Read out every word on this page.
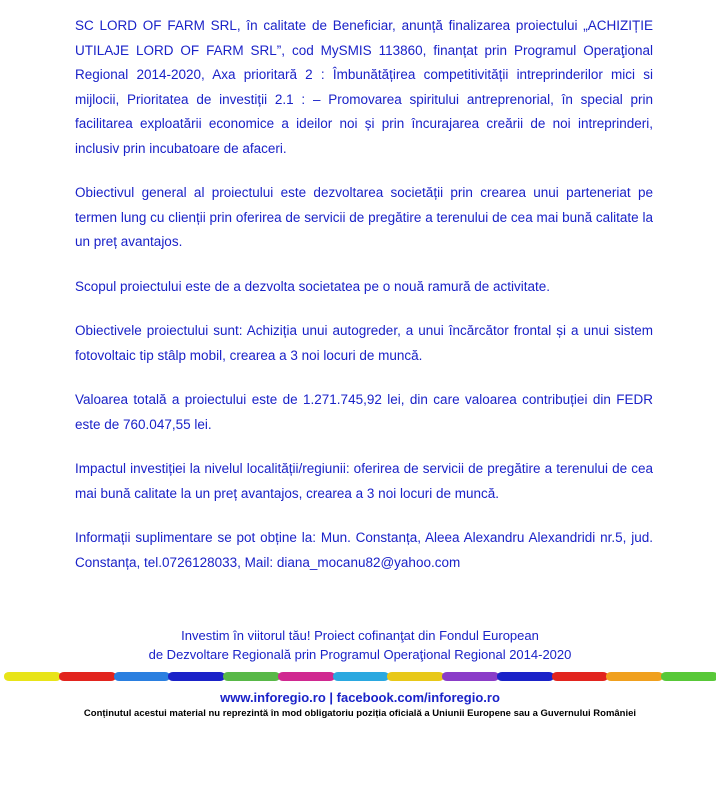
SC LORD OF FARM SRL, în calitate de Beneficiar, anunță finalizarea proiectului „ACHIZIȚIE UTILAJE LORD OF FARM SRL”, cod MySMIS 113860, finanțat prin Programul Operaţional Regional 2014-2020, Axa prioritară 2 : Îmbunătățirea competitivității intreprinderilor mici si mijlocii, Prioritatea de investiții 2.1 : – Promovarea spiritului antreprenorial, în special prin facilitarea exploatării economice a ideilor noi și prin încurajarea creării de noi intreprinderi, inclusiv prin incubatoare de afaceri.

Obiectivul general al proiectului este dezvoltarea societății prin crearea unui parteneriat pe termen lung cu clienții prin oferirea de servicii de pregătire a terenului de cea mai bună calitate la un preț avantajos.

Scopul proiectului este de a dezvolta societatea pe o nouă ramură de activitate.

Obiectivele proiectului sunt: Achiziția unui autogreder, a unui încărcător frontal și a unui sistem fotovoltaic tip stâlp mobil, crearea a 3 noi locuri de muncă.

Valoarea totală a proiectului este de 1.271.745,92 lei, din care valoarea contribuției din FEDR este de 760.047,55 lei.

Impactul investiției la nivelul localității/regiunii: oferirea de servicii de pregătire a terenului de cea mai bună calitate la un preț avantajos, crearea a 3 noi locuri de muncă.

Informații suplimentare se pot obține la: Mun. Constanța, Aleea Alexandru Alexandridi nr.5, jud. Constanța, tel.0726128033, Mail: diana_mocanu82@yahoo.com

Investim în viitorul tău! Proiect cofinanţat din Fondul European
de Dezvoltare Regională prin Programul Operaţional Regional 2014-2020
www.inforegio.ro | facebook.com/inforegio.ro
Conținutul acestui material nu reprezintă în mod obligatoriu poziția oficială a Uniunii Europene sau a Guvernului României
